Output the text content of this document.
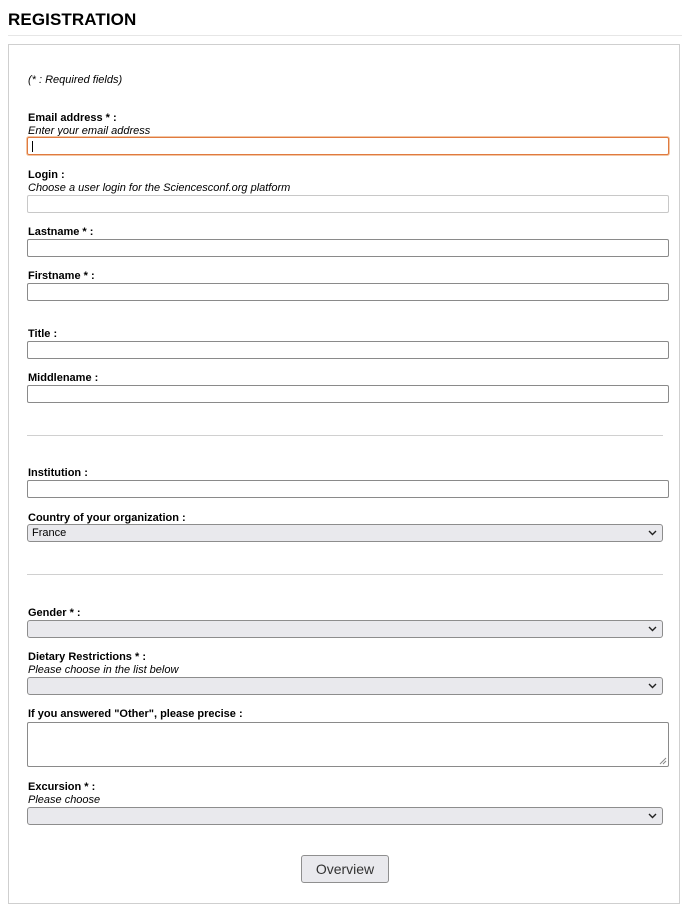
REGISTRATION
(* : Required fields)
Email address * :
Enter your email address
Login :
Choose a user login for the Sciencesconf.org platform
Lastname * :
Firstname * :
Title :
Middlename :
Institution :
Country of your organization :
France
Gender * :
Dietary Restrictions * :
Please choose in the list below
If you answered "Other", please precise :
Excursion * :
Please choose
Overview
